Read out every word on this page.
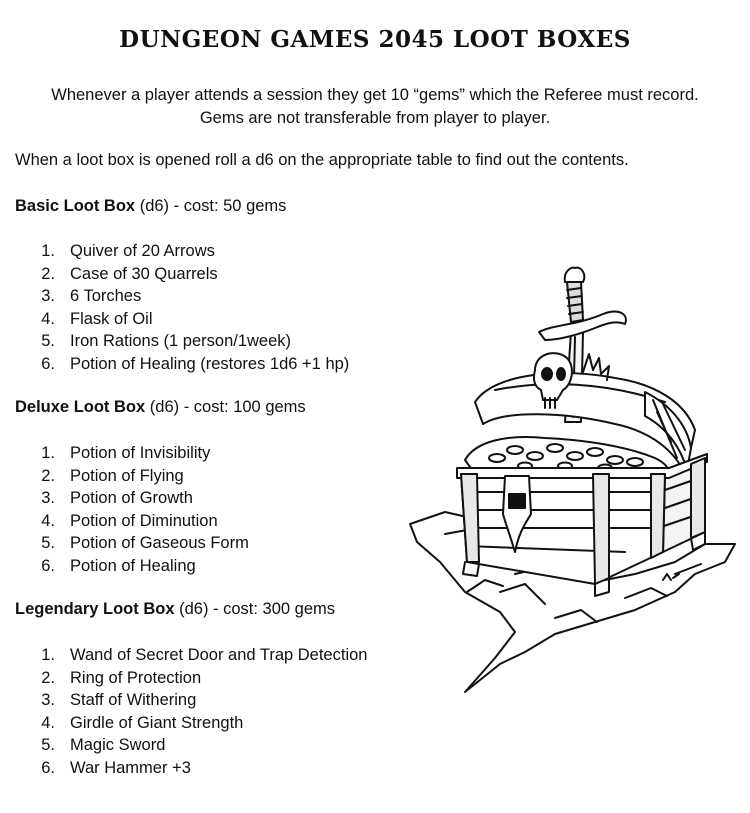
DUNGEON GAMES 2045 LOOT BOXES
Whenever a player attends a session they get 10 “gems” which the Referee must record.
Gems are not transferable from player to player.
When a loot box is opened roll a d6 on the appropriate table to find out the contents.
Basic Loot Box (d6) - cost: 50 gems
1. Quiver of 20 Arrows
2. Case of 30 Quarrels
3. 6 Torches
4. Flask of Oil
5. Iron Rations (1 person/1week)
6. Potion of Healing (restores 1d6 +1 hp)
Deluxe Loot Box (d6) - cost: 100 gems
1. Potion of Invisibility
2. Potion of Flying
3. Potion of Growth
4. Potion of Diminution
5. Potion of Gaseous Form
6. Potion of Healing
Legendary Loot Box (d6) - cost: 300 gems
1. Wand of Secret Door and Trap Detection
2. Ring of Protection
3. Staff of Withering
4. Girdle of Giant Strength
5. Magic Sword
6. War Hammer +3
